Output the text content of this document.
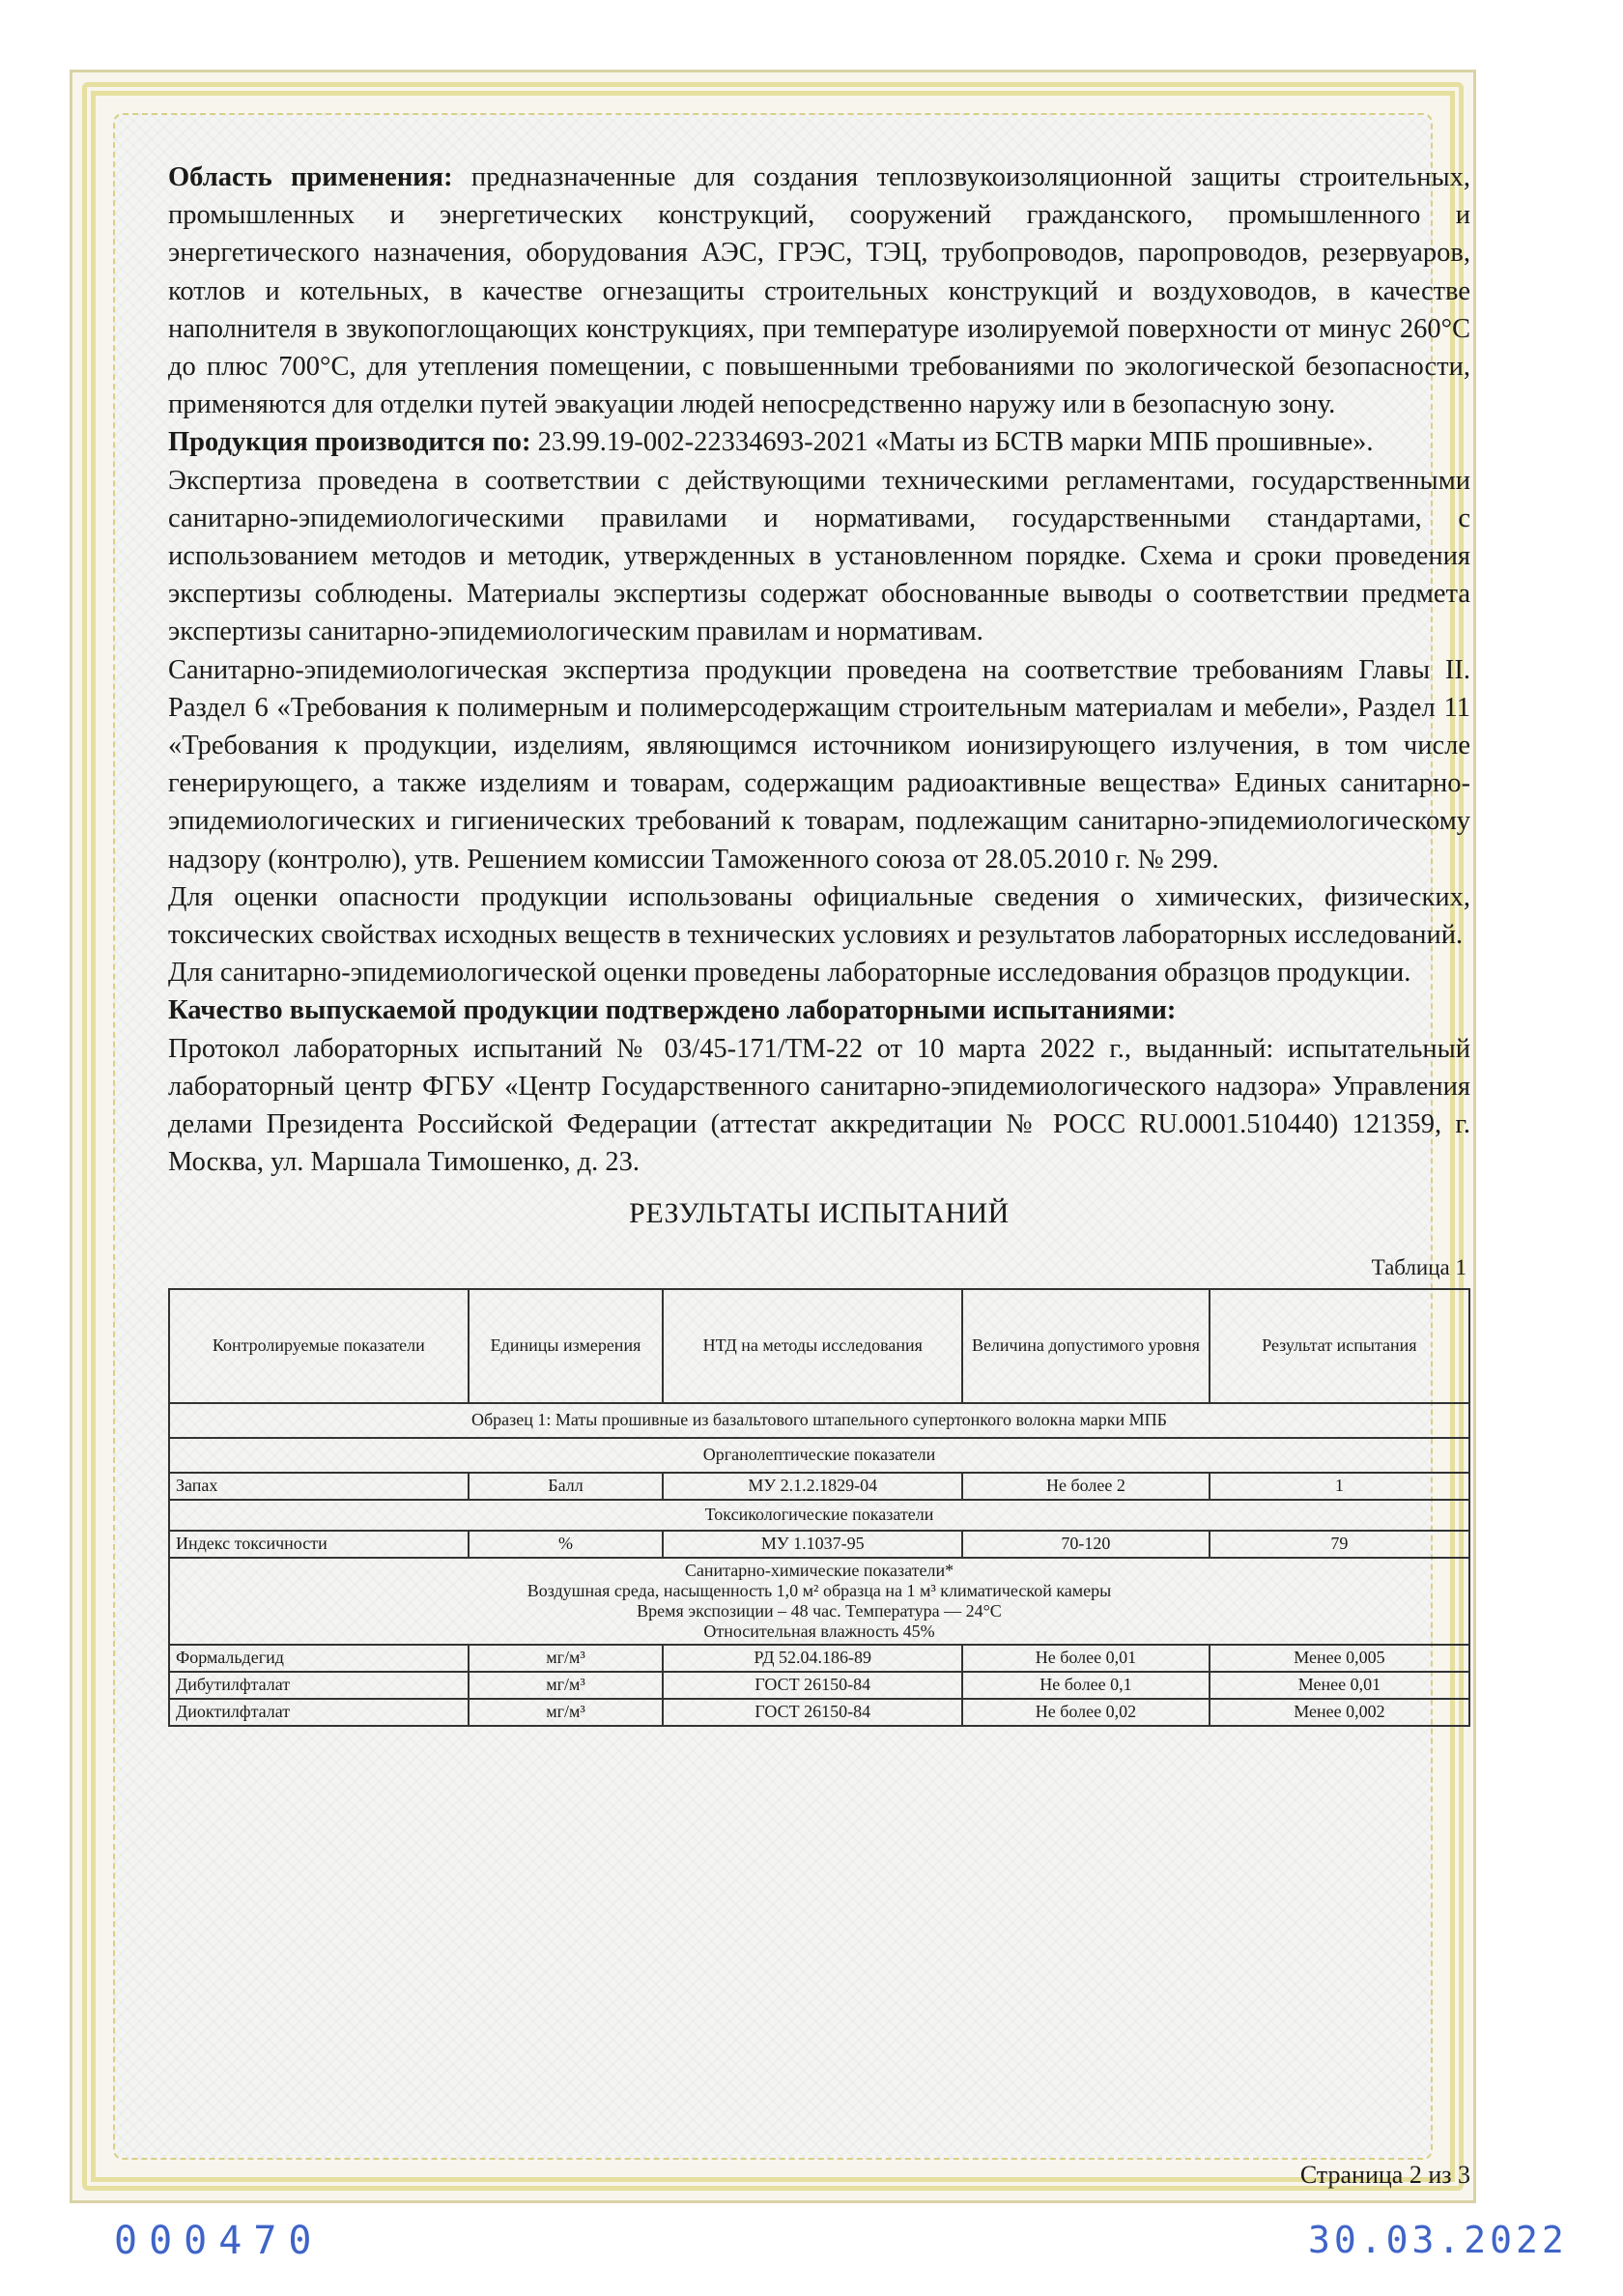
Область применения: предназначенные для создания теплозвукоизоляционной защиты строительных, промышленных и энергетических конструкций, сооружений гражданского, промышленного и энергетического назначения, оборудования АЭС, ГРЭС, ТЭЦ, трубопроводов, паропроводов, резервуаров, котлов и котельных, в качестве огнезащиты строительных конструкций и воздуховодов, в качестве наполнителя в звукопоглощающих конструкциях, при температуре изолируемой поверхности от минус 260°С до плюс 700°С, для утепления помещении, с повышенными требованиями по экологической безопасности, применяются для отделки путей эвакуации людей непосредственно наружу или в безопасную зону.

Продукция производится по: 23.99.19-002-22334693-2021 «Маты из БСТВ марки МПБ прошивные».

Экспертиза проведена в соответствии с действующими техническими регламентами, государственными санитарно-эпидемиологическими правилами и нормативами, государственными стандартами, с использованием методов и методик, утвержденных в установленном порядке. Схема и сроки проведения экспертизы соблюдены. Материалы экспертизы содержат обоснованные выводы о соответствии предмета экспертизы санитарно-эпидемиологическим правилам и нормативам.

Санитарно-эпидемиологическая экспертиза продукции проведена на соответствие требованиям Главы II. Раздел 6 «Требования к полимерным и полимерсодержащим строительным материалам и мебели», Раздел 11 «Требования к продукции, изделиям, являющимся источником ионизирующего излучения, в том числе генерирующего, а также изделиям и товарам, содержащим радиоактивные вещества» Единых санитарно-эпидемиологических и гигиенических требований к товарам, подлежащим санитарно-эпидемиологическому надзору (контролю), утв. Решением комиссии Таможенного союза от 28.05.2010 г. № 299.

Для оценки опасности продукции использованы официальные сведения о химических, физических, токсических свойствах исходных веществ в технических условиях и результатов лабораторных исследований.

Для санитарно-эпидемиологической оценки проведены лабораторные исследования образцов продукции.

Качество выпускаемой продукции подтверждено лабораторными испытаниями:

Протокол лабораторных испытаний № 03/45-171/ТМ-22 от 10 марта 2022 г., выданный: испытательный лабораторный центр ФГБУ «Центр Государственного санитарно-эпидемиологического надзора» Управления делами Президента Российской Федерации (аттестат аккредитации № РОСС RU.0001.510440) 121359, г. Москва, ул. Маршала Тимошенко, д. 23.

РЕЗУЛЬТАТЫ ИСПЫТАНИЙ
Таблица 1
Контролируемые показатели	Единицы измерения	НТД на методы исследования	Величина допустимого уровня	Результат испытания
Образец 1: Маты прошивные из базальтового штапельного супертонкого волокна марки МПБ				
Органолептические показатели				
Запах	Балл	МУ 2.1.2.1829-04	Не более 2	1
Токсикологические показатели				
Индекс токсичности	%	МУ 1.1037-95	70-120	79

Санитарно-химические показатели*
Воздушная среда, насыщенность 1,0 м² образца на 1 м³ климатической камеры
Время экспозиции – 48 час. Температура — 24°С
Относительная влажность 45%				

Формальдегид	мг/м³	РД 52.04.186-89	Не более 0,01	Менее 0,005
Дибутилфталат	мг/м³	ГОСТ 26150-84	Не более 0,1	Менее 0,01
Диоктилфталат	мг/м³	ГОСТ 26150-84	Не более 0,02	Менее 0,002
Страница 2 из 3
000470	30.03.2022
